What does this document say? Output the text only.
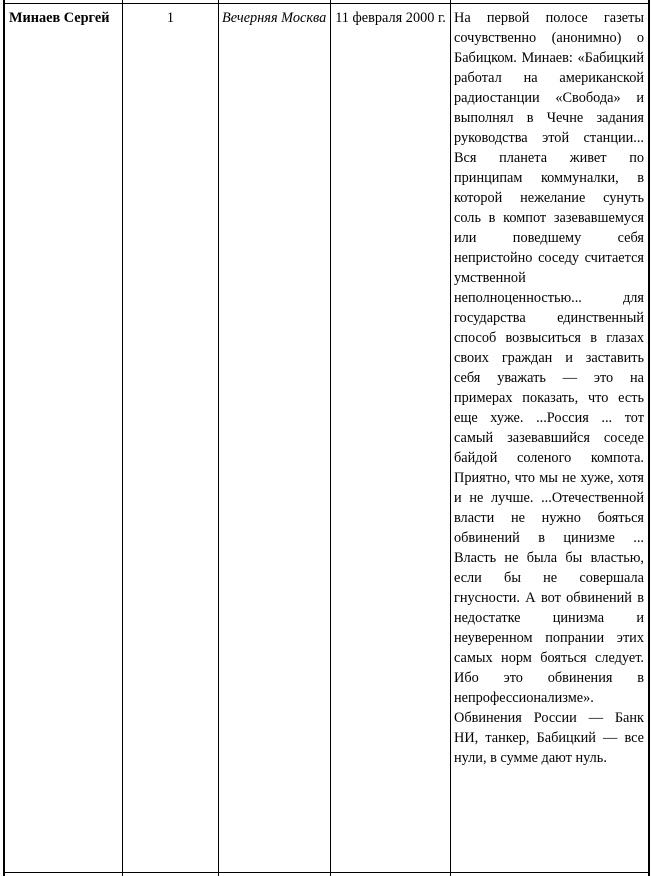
Минаев Сергей	1	Вечерняя Москва 11 февраля 2000 г. На первой полосе газеты сочувственно (анонимно) о Бабицком. Минаев: «Бабицкий работал на американской радиостанции «Свобода» и выполнял в Чечне задания руководства этой станции... Вся планета живет по принципам коммуналки, в которой нежелание сунуть соль в компот зазевавшемуся или поведшему себя непристойно соседу считается умственной неполноценностью... для государства единственный способ возвыситься в глазах своих граждан и заставить себя уважать — это на примерах показать, что есть еще хуже. ...Россия ... тот самый зазевавшийся соседе байдой соленого компота. Приятно, что мы не хуже, хотя и не лучше. ...Отечественной власти не нужно бояться обвинений в цинизме ... Власть не была бы властью, если бы не совершала гнусности. А вот обвинений в недостатке цинизма и неуверенном попрании этих самых норм бояться следует. Ибо это обвинения в непрофессионализме».

Обвинения России — Банк НИ, танкер, Бабицкий — все нули, в сумме дают нуль.
